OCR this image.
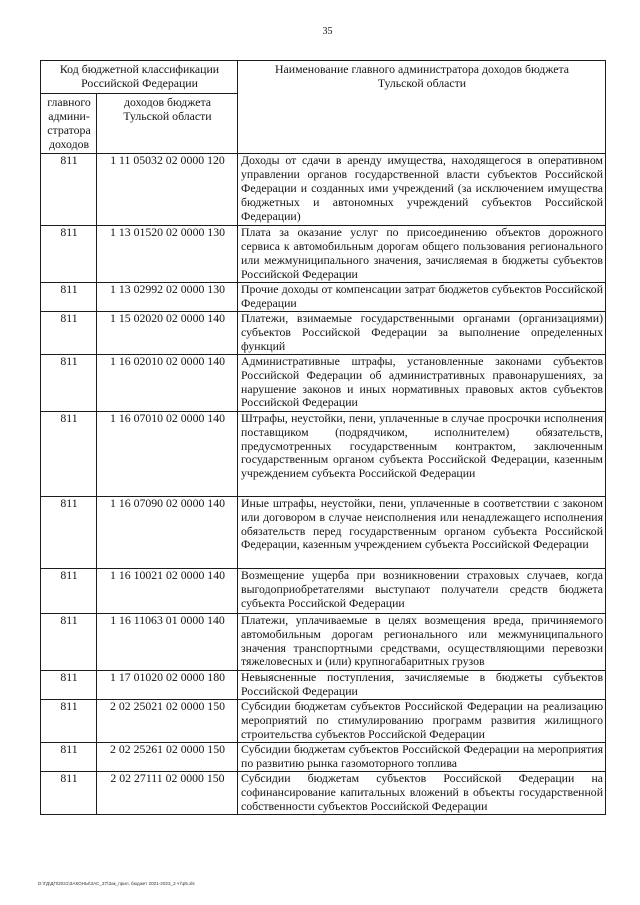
35
Код бюджетной классификации
Российской Федерации		Наименование главного администратора доходов бюджета
Тульской области
главного
админи-
стратора
доходов	доходов бюджета
Тульской области	
811	1 11 05032 02 0000 120	Доходы от сдачи в аренду имущества, находящегося в оперативном управлении органов государственной власти субъектов Российской Федерации и созданных ими учреждений (за исключением имущества бюджетных и автономных учреждений субъектов Российской Федерации)
811	1 13 01520 02 0000 130	Плата за оказание услуг по присоединению объектов дорожного сервиса к автомобильным дорогам общего пользования регионального или межмуниципального значения, зачисляемая в бюджеты субъектов Российской Федерации
811	1 13 02992 02 0000 130	Прочие доходы от компенсации затрат бюджетов субъектов Российской Федерации
811	1 15 02020 02 0000 140	Платежи, взимаемые государственными органами (организациями) субъектов Российской Федерации за выполнение определенных функций
811	1 16 02010 02 0000 140	Административные штрафы, установленные законами субъектов Российской Федерации об административных правонарушениях, за нарушение законов и иных нормативных правовых актов субъектов Российской Федерации
811	1 16 07010 02 0000 140	Штрафы, неустойки, пени, уплаченные в случае просрочки исполнения поставщиком (подрядчиком, исполнителем) обязательств, предусмотренных государственным контрактом, заключенным государственным органом субъекта Российской Федерации, казенным учреждением субъекта Российской Федерации
811	1 16 07090 02 0000 140	Иные штрафы, неустойки, пени, уплаченные в соответствии с законом или договором в случае неисполнения или ненадлежащего исполнения обязательств перед государственным органом субъекта Российской Федерации, казенным учреждением субъекта Российской Федерации
811	1 16 10021 02 0000 140	Возмещение ущерба при возникновении страховых случаев, когда выгодоприобретателями выступают получатели средств бюджета субъекта Российской Федерации
811	1 16 11063 01 0000 140	Платежи, уплачиваемые в целях возмещения вреда, причиняемого автомобильным дорогам регионального или межмуниципального значения транспортными средствами, осуществляющими перевозки тяжеловесных и (или) крупногабаритных грузов
811	1 17 01020 02 0000 180	Невыясненные поступления, зачисляемые в бюджеты субъектов Российской Федерации
811	2 02 25021 02 0000 150	Субсидии бюджетам субъектов Российской Федерации на реализацию мероприятий по стимулированию программ развития жилищного строительства субъектов Российской Федерации
811	2 02 25261 02 0000 150	Субсидии бюджетам субъектов Российской Федерации на мероприятия по развитию рынка газомоторного топлива
811	2 02 27111 02 0000 150	Субсидии бюджетам субъектов Российской Федерации на софинансирование капитальных вложений в объекты государственной собственности субъектов Российской Федерации
D:\ГД\ДП\2021\ЗАКОНЫ\ЗАС_37\Зак_прил. бюджет 2021-2023_2 чт\р5.xls
